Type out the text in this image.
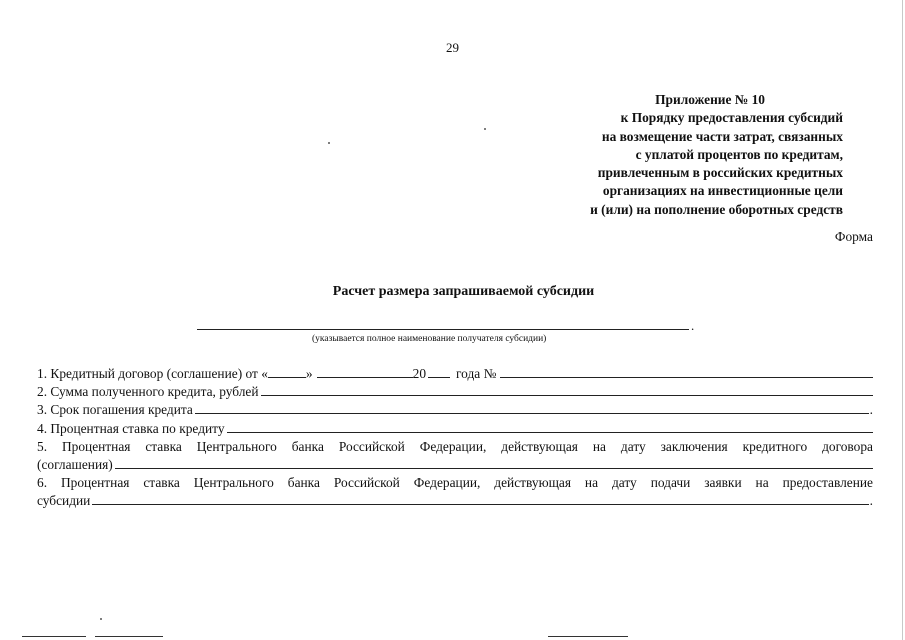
29
Приложение № 10
к Порядку предоставления субсидий
на возмещение части затрат, связанных
с уплатой процентов по кредитам,
привлеченным в российских кредитных
организациях на инвестиционные цели
и (или) на пополнение оборотных средств
Форма
Расчет размера запрашиваемой субсидии
.
(указывается полное наименование получателя субсидии)
1. Кредитный договор (соглашение) от «	»	20 года №
2. Сумма полученного кредита, рублей
3. Срок погашения кредита	.
4. Процентная ставка по кредиту
5. Процентная ставка Центрального банка Российской Федерации, действующая на дату заключения кредитного договора
(соглашения)
6. Процентная ставка Центрального банка Российской Федерации, действующая на дату подачи заявки на предоставление
субсидии	.
